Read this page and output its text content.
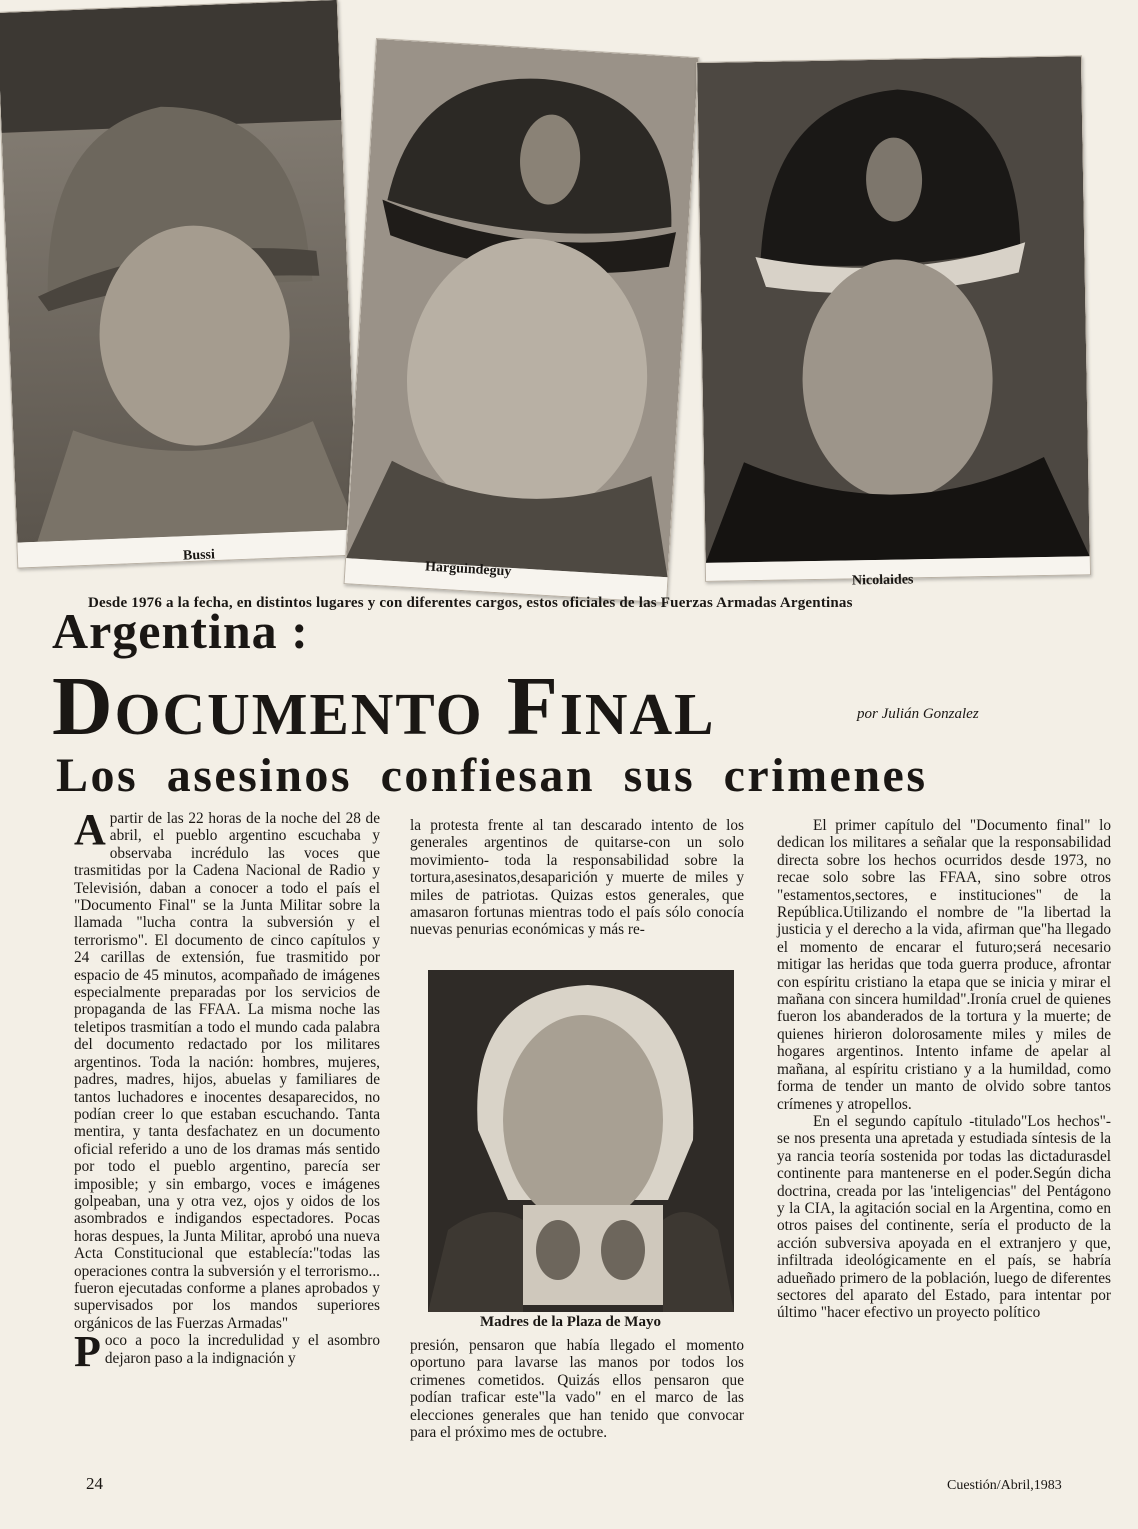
Bussi
Harguindeguy
Nicolaides
Desde 1976 a la fecha, en distintos lugares y con diferentes cargos, estos oficiales de las Fuerzas Armadas Argentinas
Argentina :
Documento Final	por Julián Gonzalez
Los asesinos confiesan sus crimenes

Apartir de las 22 horas de la noche del 28 de abril, el pueblo argentino escuchaba y observaba incrédulo las voces que trasmitidas por la Cadena Nacional de Radio y Televisión, daban a conocer a todo el país el "Documento Final" se la Junta Militar sobre la llamada "lucha contra la subversión y el terrorismo". El documento de cinco capítulos y 24 carillas de extensión, fue trasmitido por espacio de 45 minutos, acompañado de imágenes especialmente preparadas por los servicios de propaganda de las FFAA. La misma noche las teletipos trasmitían a todo el mundo cada palabra del documento redactado por los militares argentinos. Toda la nación: hombres, mujeres, padres, madres, hijos, abuelas y familiares de tantos luchadores e inocentes desaparecidos, no podían creer lo que estaban escuchando. Tanta mentira, y tanta desfachatez en un documento oficial referido a uno de los dramas más sentido por todo el pueblo argentino, parecía ser imposible; y sin embargo, voces e imágenes golpeaban, una y otra vez, ojos y oidos de los asombrados e indigandos espectadores. Pocas horas despues, la Junta Militar, aprobó una nueva Acta Constitucional que establecía:"todas las operaciones contra la subversión y el terrorismo... fueron ejecutadas conforme a planes aprobados y supervisados por los mandos superiores orgánicos de las Fuerzas Armadas"

Poco a poco la incredulidad y el asombro dejaron paso a la indignación y

la protesta frente al tan descarado intento de los generales argentinos de quitarse-con un solo movimiento- toda la responsabilidad sobre la tortura,asesinatos,desaparición y muerte de miles y miles de patriotas. Quizas estos generales, que amasaron fortunas mientras todo el país sólo conocía nuevas penurias económicas y más re-

Madres de la Plaza de Mayo

presión, pensaron que había llegado el momento oportuno para lavarse las manos por todos los crimenes cometidos. Quizás ellos pensaron que podían traficar este"la vado" en el marco de las elecciones generales que han tenido que convocar para el próximo mes de octubre.

El primer capítulo del "Documento final" lo dedican los militares a señalar que la responsabilidad directa sobre los hechos ocurridos desde 1973, no recae solo sobre las FFAA, sino sobre otros "estamentos,sectores, e instituciones" de la República.Utilizando el nombre de "la libertad la justicia y el derecho a la vida, afirman que"ha llegado el momento de encarar el futuro;será necesario mitigar las heridas que toda guerra produce, afrontar con espíritu cristiano la etapa que se inicia y mirar el mañana con sincera humildad".Ironía cruel de quienes fueron los abanderados de la tortura y la muerte; de quienes hirieron dolorosamente miles y miles de hogares argentinos. Intento infame de apelar al mañana, al espíritu cristiano y a la humildad, como forma de tender un manto de olvido sobre tantos crímenes y atropellos.

En el segundo capítulo -titulado"Los hechos"- se nos presenta una apretada y estudiada síntesis de la ya rancia teoría sostenida por todas las dictadurasdel continente para mantenerse en el poder.Según dicha doctrina, creada por las 'inteligencias" del Pentágono y la CIA, la agitación social en la Argentina, como en otros paises del continente, sería el producto de la acción subversiva apoyada en el extranjero y que, infiltrada ideológicamente en el país, se habría adueñado primero de la población, luego de diferentes sectores del aparato del Estado, para intentar por último "hacer efectivo un proyecto político

24	Cuestión/Abril,1983
